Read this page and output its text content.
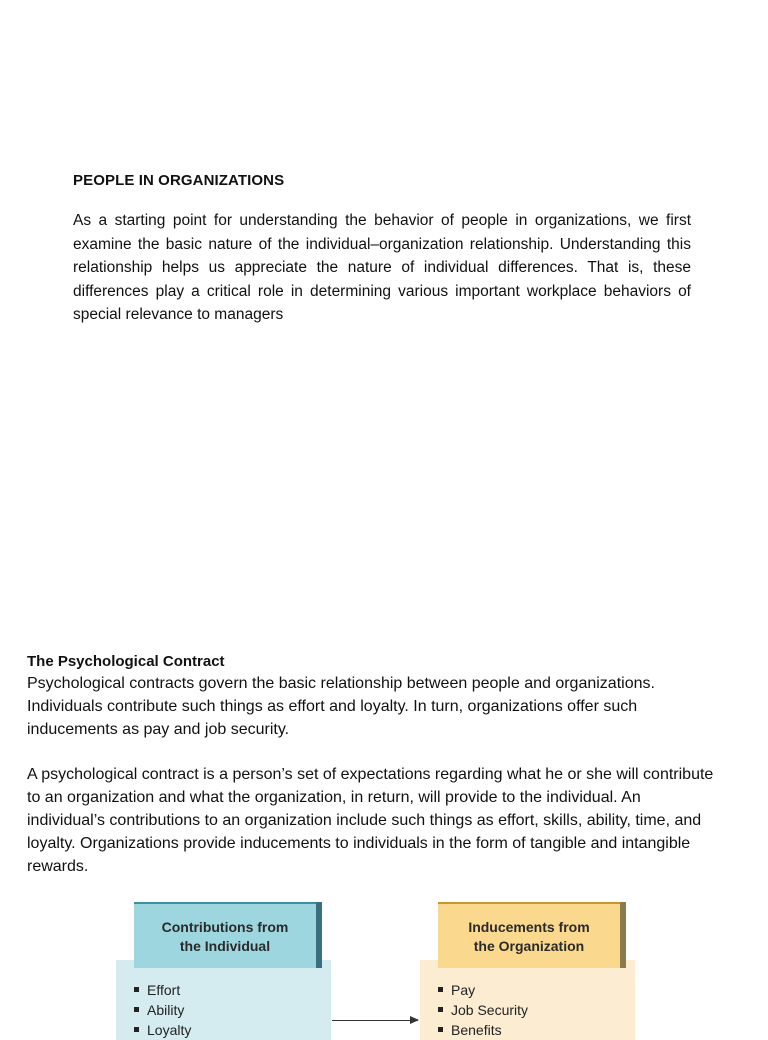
PEOPLE IN ORGANIZATIONS

As a starting point for understanding the behavior of people in organizations, we first examine the basic nature of the individual–organization relationship. Understanding this relationship helps us appreciate the nature of individual differences. That is, these differences play a critical role in determining various important workplace behaviors of special relevance to managers

The Psychological Contract

Psychological contracts govern the basic relationship between people and organizations. Individuals contribute such things as effort and loyalty. In turn, organizations offer such inducements as pay and job security.

A psychological contract is a person’s set of expectations regarding what he or she will contribute to an organization and what the organization, in return, will provide to the individual. An individual’s contributions to an organization include such things as effort, skills, ability, time, and loyalty. Organizations provide inducements to individuals in the form of tangible and intangible rewards.

Contributions from
the Individual
Inducements from
the Organization
Effort
Ability
Loyalty
Pay
Job Security
Benefits
